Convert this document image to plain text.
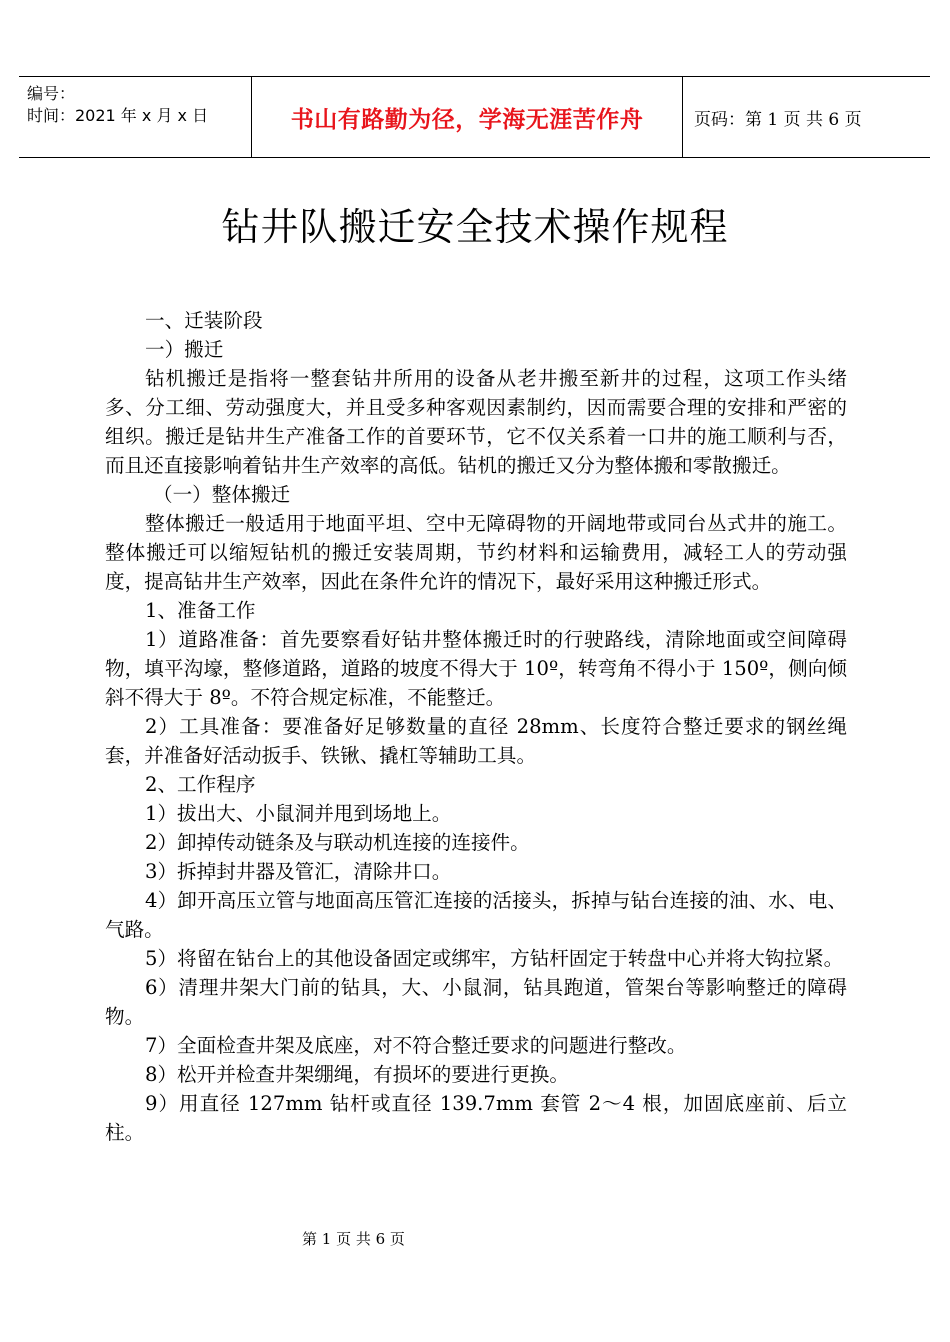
编号：
时间：2021 年 x 月 x 日	书山有路勤为径，学海无涯苦作舟	页码：第 1 页 共 6 页
钻井队搬迁安全技术操作规程

一、迁装阶段

一）搬迁

钻机搬迁是指将一整套钻井所用的设备从老井搬至新井的过程，这项工作头绪 多、分工细、劳动强度大，并且受多种客观因素制约，因而需要合理的安排和严密的组织。搬迁是钻井生产准备工作的首要环节，它不仅关系着一口井的施工顺利与否，而且还直接影响着钻井生产效率的高低。钻机的搬迁又分为整体搬和零散搬迁。

（一）整体搬迁

整体搬迁一般适用于地面平坦、空中无障碍物的开阔地带或同台丛式井的施工。整体搬迁可以缩短钻机的搬迁安装周期，节约材料和运输费用，减轻工人的劳动强度，提高钻井生产效率，因此在条件允许的情况下，最好采用这种搬迁形式。

1、准备工作

1）道路准备：首先要察看好钻井整体搬迁时的行驶路线，清除地面或空间障碍物，填平沟壕，整修道路，道路的坡度不得大于 10º，转弯角不得小于 150º，侧向倾斜不得大于 8º。不符合规定标准，不能整迁。

2）工具准备：要准备好足够数量的直径 28mm、长度符合整迁要求的钢丝绳套，并准备好活动扳手、铁锹、撬杠等辅助工具。

2、工作程序

1）拔出大、小鼠洞并甩到场地上。

2）卸掉传动链条及与联动机连接的连接件。

3）拆掉封井器及管汇，清除井口。

4）卸开高压立管与地面高压管汇连接的活接头，拆掉与钻台连接的油、水、电、气路。

5）将留在钻台上的其他设备固定或绑牢，方钻杆固定于转盘中心并将大钩拉紧。

6）清理井架大门前的钻具，大、小鼠洞，钻具跑道，管架台等影响整迁的障碍物。

7）全面检查井架及底座，对不符合整迁要求的问题进行整改。

8）松开并检查井架绷绳，有损坏的要进行更换。

9）用直径 127mm 钻杆或直径 139.7mm 套管 2～4 根，加固底座前、后立柱。

第 1 页 共 6 页
